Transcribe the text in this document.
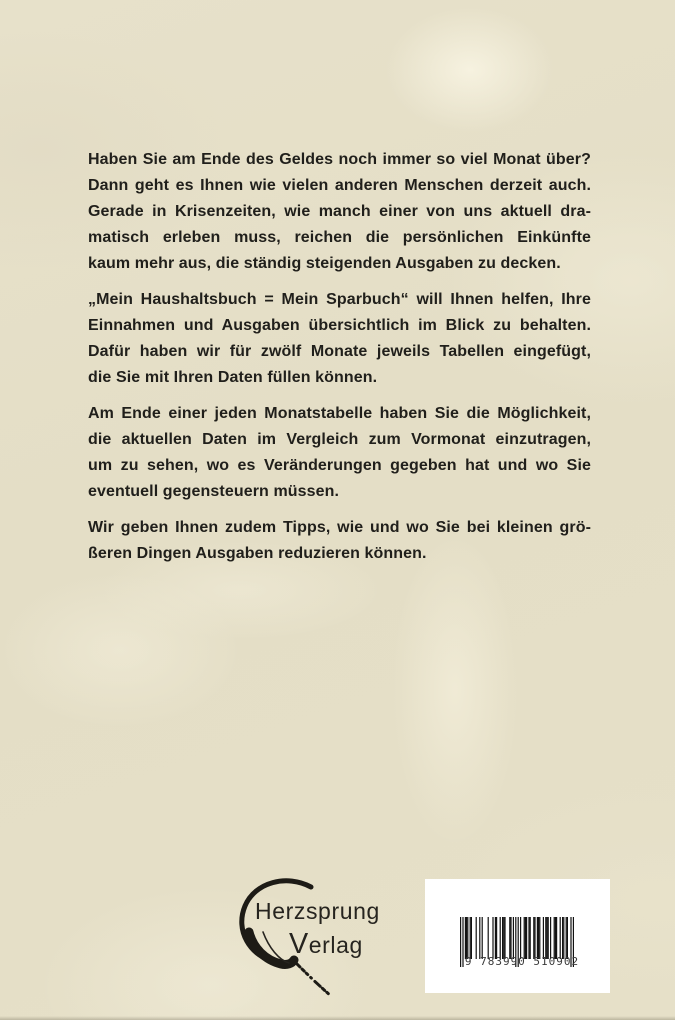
Haben Sie am Ende des Geldes noch immer so viel Monat über?
Dann geht es Ihnen wie vielen anderen Menschen derzeit auch.
Gerade in Krisenzeiten, wie manch einer von uns aktuell dra-
matisch erleben muss, reichen die persönlichen Einkünfte
kaum mehr aus, die ständig steigenden Ausgaben zu decken.
„Mein Haushaltsbuch = Mein Sparbuch“ will Ihnen helfen, Ihre
Einnahmen und Ausgaben übersichtlich im Blick zu behalten.
Dafür haben wir für zwölf Monate jeweils Tabellen eingefügt,
die Sie mit Ihren Daten füllen können.
Am Ende einer jeden Monatstabelle haben Sie die Möglichkeit,
die aktuellen Daten im Vergleich zum Vormonat einzutragen,
um zu sehen, wo es Veränderungen gegeben hat und wo Sie
eventuell gegensteuern müssen.
Wir geben Ihnen zudem Tipps, wie und wo Sie bei kleinen grö-
ßeren Dingen Ausgaben reduzieren können.
Herzsprung
Verlag
9 783990 510902
